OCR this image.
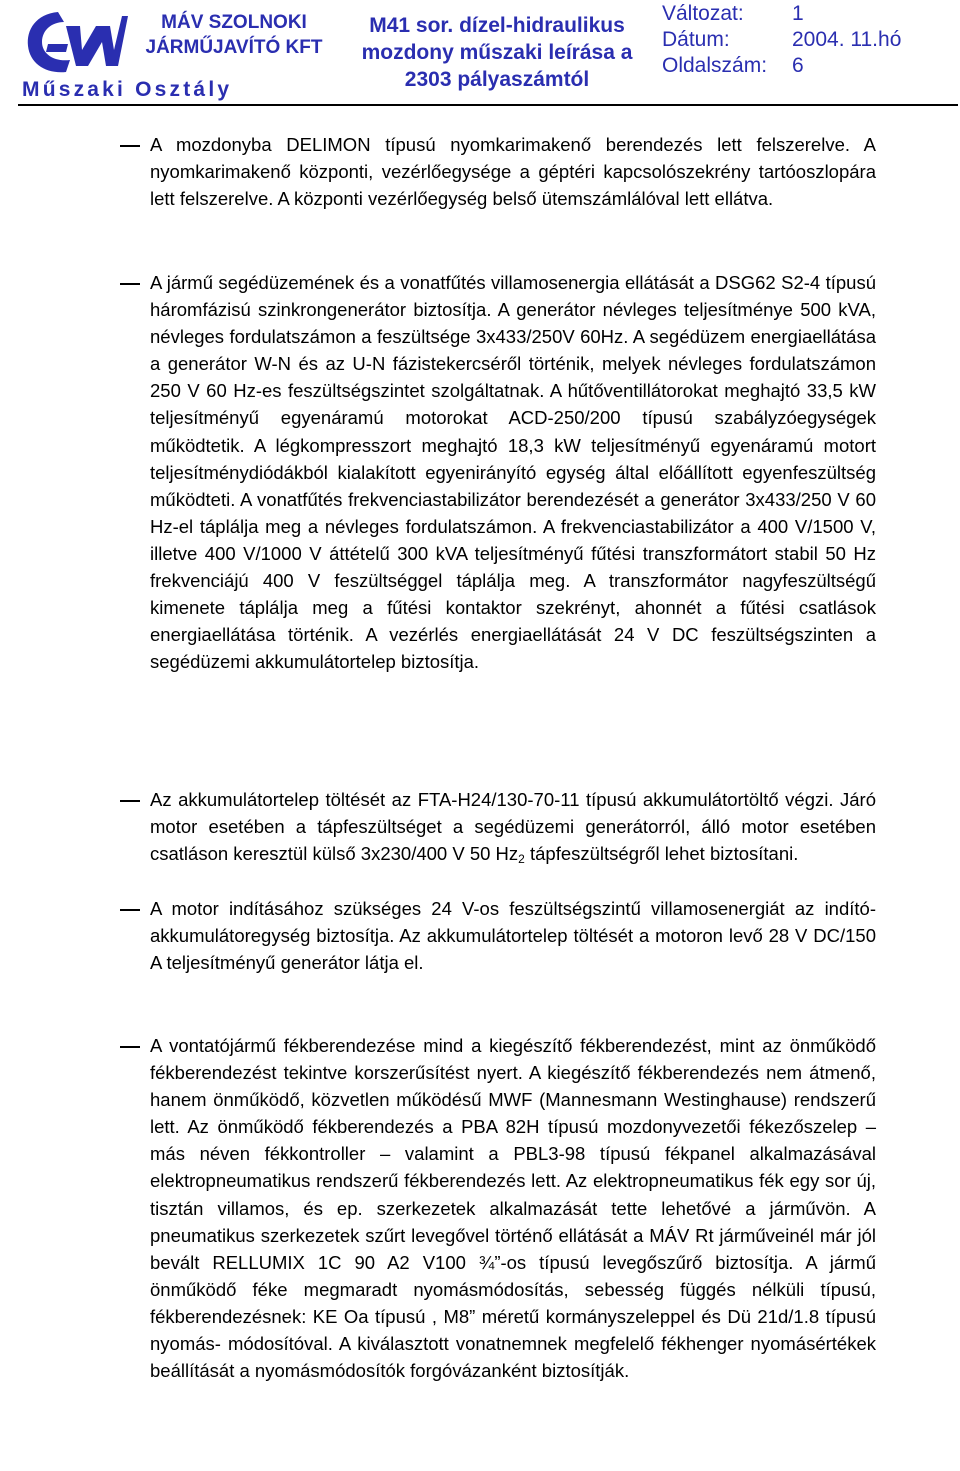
MÁV SZOLNOKI
JÁRMŰJAVÍTÓ KFT
Műszaki Osztály
M41 sor. dízel-hidraulikus
mozdony műszaki leírása a
2303 pályaszámtól
Változat: 1
Dátum:	2004. 11.hó
Oldalszám: 6
A mozdonyba DELIMON típusú nyomkarimakenő berendezés lett felszerelve. A nyomkarimakenő központi, vezérlőegysége a géptéri kapcsolószekrény tartóoszlopára lett felszerelve. A központi vezérlőegység belső ütemszámlálóval lett ellátva.
A jármű segédüzemének és a vonatfűtés villamosenergia ellátását a DSG62 S2-4 típusú háromfázisú szinkrongenerátor biztosítja. A generátor névleges teljesítménye 500 kVA, névleges fordulatszámon a feszültsége 3x433/250V 60Hz. A segédüzem energiaellátása a generátor W-N és az U-N fázistekercséről történik, melyek névleges fordulatszámon 250 V 60 Hz-es feszültségszintet szolgáltatnak. A hűtőventillátorokat meghajtó 33,5 kW teljesítményű egyenáramú motorokat ACD-250/200 típusú szabályzóegységek működtetik. A légkompresszort meghajtó 18,3 kW teljesítményű egyenáramú motort teljesítménydiódákból kialakított egyenirányító egység által előállított egyenfeszültség működteti. A vonatfűtés frekvenciastabilizátor berendezését a generátor 3x433/250 V 60 Hz-el táplálja meg a névleges fordulatszámon. A frekvenciastabilizátor a 400 V/1500 V, illetve 400 V/1000 V áttételű 300 kVA teljesítményű fűtési transzformátort stabil 50 Hz frekvenciájú 400 V feszültséggel táplálja meg. A transzformátor nagyfeszültségű kimenete táplálja meg a fűtési kontaktor szekrényt, ahonnét a fűtési csatlások energiaellátása történik. A vezérlés energiaellátását 24 V DC feszültségszinten a segédüzemi akkumulátortelep biztosítja.
Az akkumulátortelep töltését az FTA-H24/130-70-11 típusú akkumulátortöltő végzi. Járó motor esetében a tápfeszültséget a segédüzemi generátorról, álló motor esetében csatláson keresztül külső 3x230/400 V 50 $Hz_2$ tápfeszültségről lehet biztosítani.
A motor indításához szükséges 24 V-os feszültségszintű villamosenergiát az indító-akkumulátoregység biztosítja. Az akkumulátortelep töltését a motoron levő 28 V DC/150 A teljesítményű generátor látja el.
A vontatójármű fékberendezése mind a kiegészítő fékberendezést, mint az önműködő fékberendezést tekintve korszerűsítést nyert. A kiegészítő fékberendezés nem átmenő, hanem önműködő, közvetlen működésű MWF (Mannesmann Westinghause) rendszerű lett. Az önműködő fékberendezés a PBA 82H típusú mozdonyvezetői fékezőszelep – más néven fékkontroller – valamint a PBL3-98 típusú fékpanel alkalmazásával elektropneumatikus rendszerű fékberendezés lett. Az elektropneumatikus fék egy sor új, tisztán villamos, és ep. szerkezetek alkalmazását tette lehetővé a járművön. A pneumatikus szerkezetek szűrt levegővel történő ellátását a MÁV Rt járműveinél már jól bevált RELLUMIX 1C 90 A2 V100 ¾”-os típusú levegőszűrő biztosítja. A jármű önműködő féke megmaradt nyomásmódosítás, sebesség függés nélküli típusú, fékberendezésnek: KE Oa típusú , M8” méretű kormányszeleppel és Dü 21d/1.8 típusú nyomás- módosítóval. A kiválasztott vonatnemnek megfelelő fékhenger nyomásértékek beállítását a nyomásmódosítók forgóvázanként biztosítják.
